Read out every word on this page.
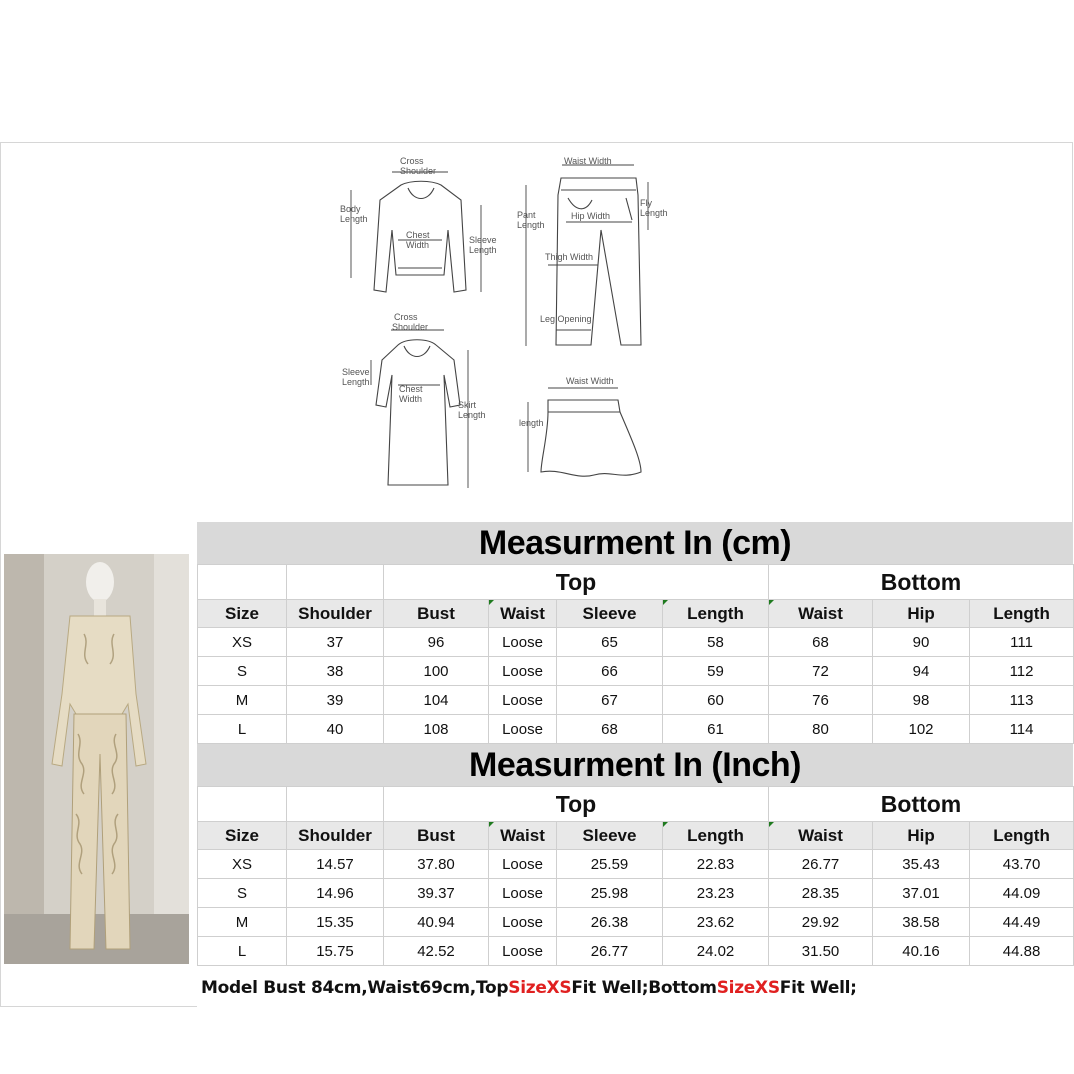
Cross
Shoulder
Body
Length
Chest
Width	Sleeve
Length
Waist Width
Pant
Length
Hip Width
Fly
Length
Thigh Width
Leg Opening
Cross
Shoulder
Sleeve
Length
Chest
Width
Skirt
Length
Waist Width
length
Measurment In (cm)
		Top				Bottom		
Size	Shoulder	Bust	Waist	Sleeve	Length	Waist	Hip	Length
XS	37	96	Loose	65	58	68	90	111
S	38	100	Loose	66	59	72	94	112
M	39	104	Loose	67	60	76	98	113
L	40	108	Loose	68	61	80	102	114
Measurment In (Inch)
		Top				Bottom		
Size	Shoulder	Bust	Waist	Sleeve	Length	Waist	Hip	Length
XS	14.57	37.80	Loose	25.59	22.83	26.77	35.43	43.70
S	14.96	39.37	Loose	25.98	23.23	28.35	37.01	44.09
M	15.35	40.94	Loose	26.38	23.62	29.92	38.58	44.49
L	15.75	42.52	Loose	26.77	24.02	31.50	40.16	44.88
Model Bust 84cm,Waist69cm,Top SizeXS Fit Well;Bottom SizeXS Fit Well;
